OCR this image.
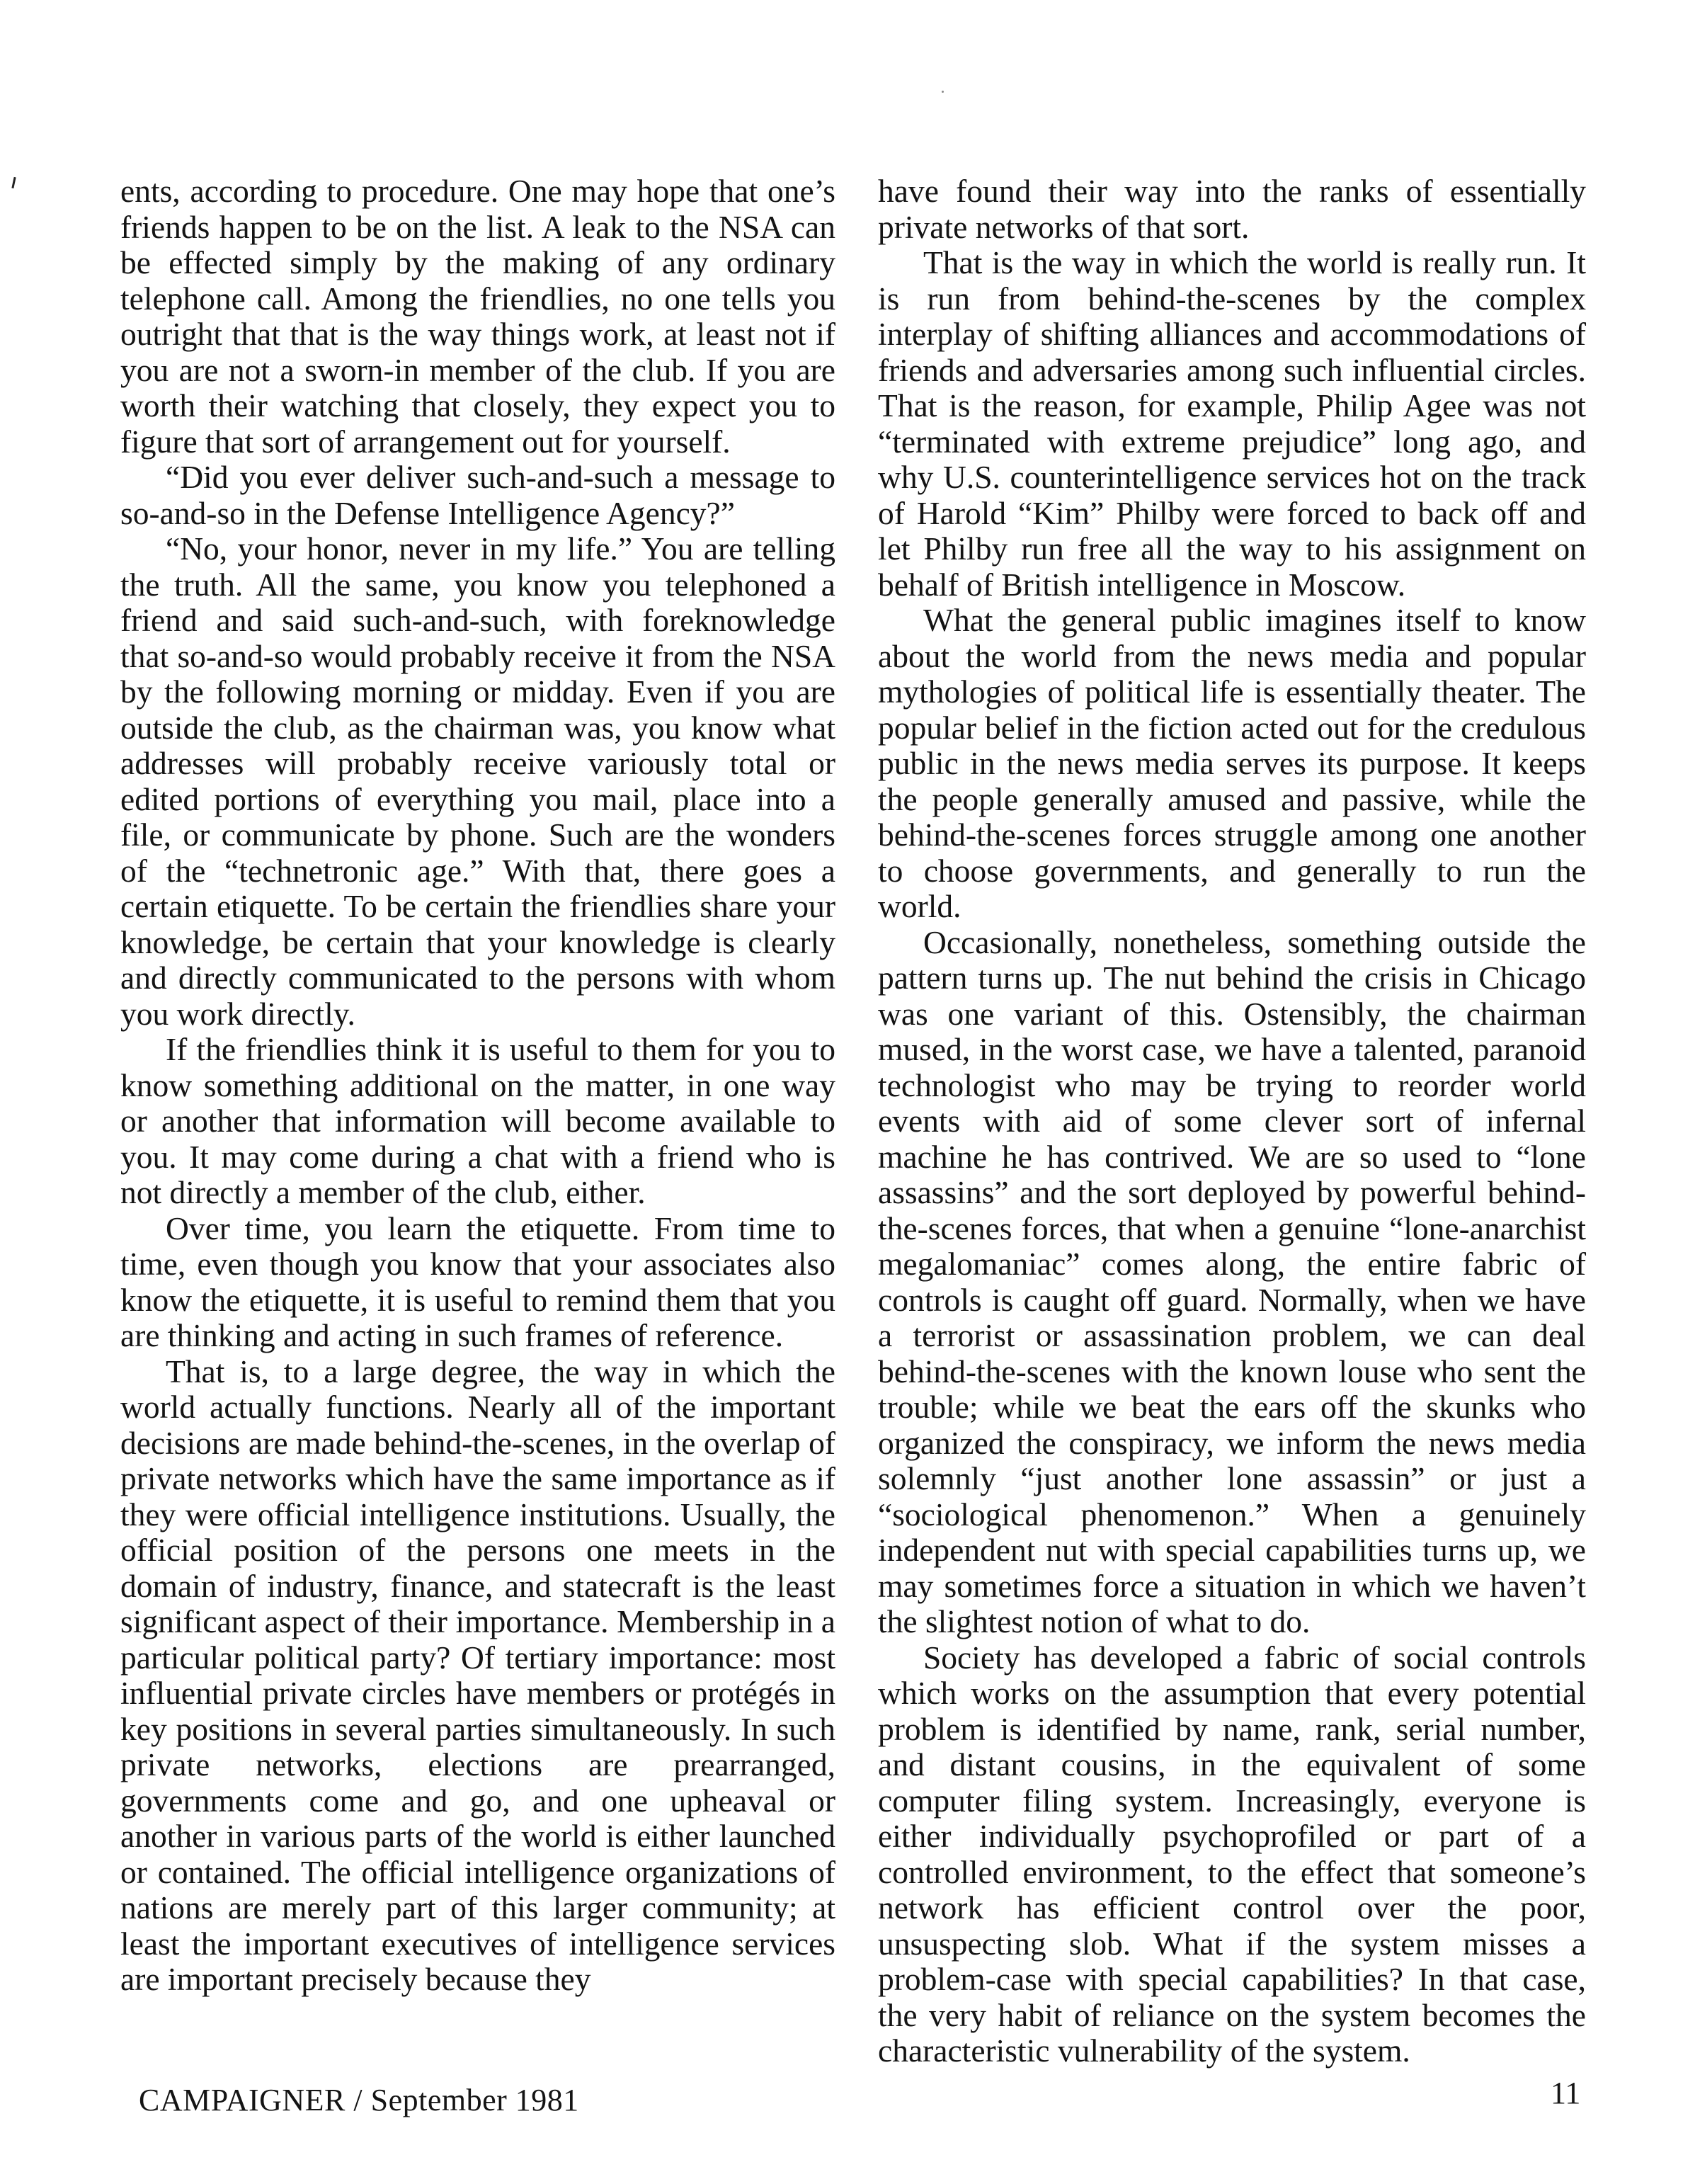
ents, according to procedure. One may hope that one’s friends happen to be on the list. A leak to the NSA can be effected simply by the making of any ordinary telephone call. Among the friendlies, no one tells you outright that that is the way things work, at least not if you are not a sworn-in member of the club. If you are worth their watching that closely, they expect you to figure that sort of arrangement out for yourself.

“Did you ever deliver such-and-such a message to so-and-so in the Defense Intelligence Agency?”

“No, your honor, never in my life.” You are telling the truth. All the same, you know you telephoned a friend and said such-and-such, with foreknowledge that so-and-so would probably receive it from the NSA by the following morning or midday. Even if you are outside the club, as the chairman was, you know what addresses will probably receive variously total or edited portions of everything you mail, place into a file, or communicate by phone. Such are the wonders of the “technetronic age.” With that, there goes a certain etiquette. To be certain the friendlies share your knowledge, be certain that your knowledge is clearly and directly communicated to the persons with whom you work directly.

If the friendlies think it is useful to them for you to know something additional on the matter, in one way or another that information will become available to you. It may come during a chat with a friend who is not directly a member of the club, either.

Over time, you learn the etiquette. From time to time, even though you know that your associates also know the etiquette, it is useful to remind them that you are thinking and acting in such frames of reference.

That is, to a large degree, the way in which the world actually functions. Nearly all of the important decisions are made behind-the-scenes, in the overlap of private networks which have the same importance as if they were official intelligence institutions. Usually, the official position of the persons one meets in the domain of industry, finance, and statecraft is the least significant aspect of their importance. Membership in a particular political party? Of tertiary importance: most influential private circles have members or protégés in key positions in several parties simultaneously. In such private networks, elections are prearranged, governments come and go, and one upheaval or another in various parts of the world is either launched or contained. The official intelligence organizations of nations are merely part of this larger community; at least the important executives of intelligence services are important precisely because they

have found their way into the ranks of essentially private networks of that sort.

That is the way in which the world is really run. It is run from behind-the-scenes by the complex interplay of shifting alliances and accommodations of friends and adversaries among such influential circles. That is the reason, for example, Philip Agee was not “terminated with extreme prejudice” long ago, and why U.S. counterintelligence services hot on the track of Harold “Kim” Philby were forced to back off and let Philby run free all the way to his assignment on behalf of British intelligence in Moscow.

What the general public imagines itself to know about the world from the news media and popular mythologies of political life is essentially theater. The popular belief in the fiction acted out for the credulous public in the news media serves its purpose. It keeps the people generally amused and passive, while the behind-the-scenes forces struggle among one another to choose governments, and generally to run the world.

Occasionally, nonetheless, something outside the pattern turns up. The nut behind the crisis in Chicago was one variant of this. Ostensibly, the chairman mused, in the worst case, we have a talented, paranoid technologist who may be trying to reorder world events with aid of some clever sort of infernal machine he has contrived. We are so used to “lone assassins” and the sort deployed by powerful behind-the-scenes forces, that when a genuine “lone-anarchist megalomaniac” comes along, the entire fabric of controls is caught off guard. Normally, when we have a terrorist or assassination problem, we can deal behind-the-scenes with the known louse who sent the trouble; while we beat the ears off the skunks who organized the conspiracy, we inform the news media solemnly “just another lone assassin” or just a “sociological phenomenon.” When a genuinely independent nut with special capabilities turns up, we may sometimes force a situation in which we haven’t the slightest notion of what to do.

Society has developed a fabric of social controls which works on the assumption that every potential problem is identified by name, rank, serial number, and distant cousins, in the equivalent of some computer filing system. Increasingly, everyone is either individually psychoprofiled or part of a controlled environment, to the effect that someone’s network has efficient control over the poor, unsuspecting slob. What if the system misses a problem-case with special capabilities? In that case, the very habit of reliance on the system becomes the characteristic vulnerability of the system.

CAMPAIGNER / September 1981	11
